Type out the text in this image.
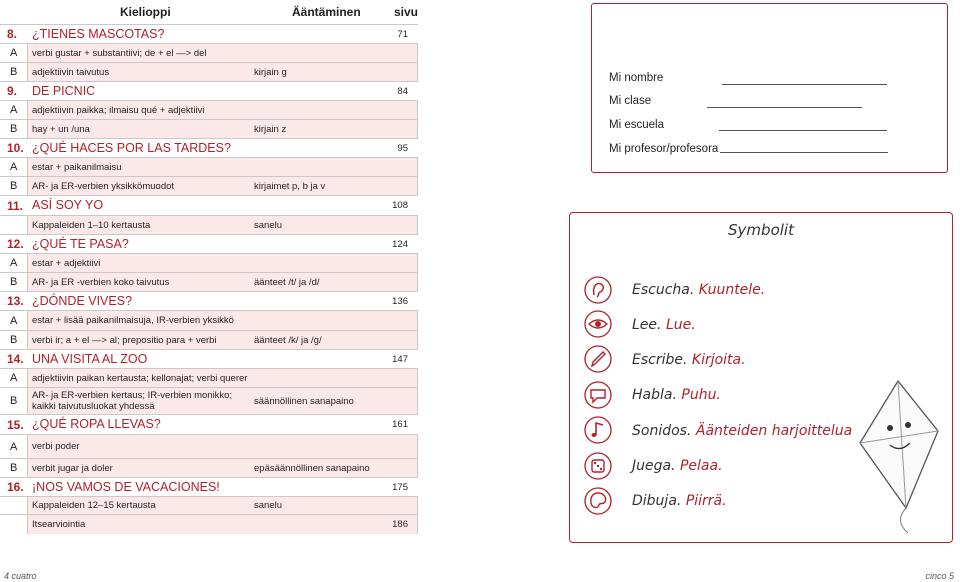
Kielioppi	Ääntäminen	sivu
8.	¿TIENES MASCOTAS?	71
A	verbi gustar + substantiivi; de + el —> del
B	adjektiivin taivutus	kirjain g
9.	DE PICNIC	84
A	adjektiivin paikka; ilmaisu qué + adjektiivi
B	hay + un /una	kirjain z
10. ¿QUÉ HACES POR LAS TARDES?	95
A	estar + paikanilmaisu
B	AR- ja ER-verbien yksikkömuodot	kirjaimet p, b ja v
11. ASÍ SOY YO	108
Kappaleiden 1–10 kertausta	sanelu
12. ¿QUÉ TE PASA?	124
A	estar + adjektiivi
B	AR- ja ER -verbien koko taivutus	äänteet /t/ ja /d/
13. ¿DÓNDE VIVES?	136
A	estar + lisää paikanilmaisuja, IR-verbien yksikkö
B	verbi ir; a + el —> al; prepositio para + verbi	äänteet /k/ ja /g/
14. UNA VISITA AL ZOO	147
A	adjektiivin paikan kertausta; kellonajat; verbi querer
B	AR- ja ER-verbien kertaus; IR-verbien monikko;
kaikki taivutusluokat yhdessä	säännöllinen sanapaino
15. ¿QUÉ ROPA LLEVAS?	161
A	verbi poder
B	verbit jugar ja doler	epäsäännöllinen sanapaino
16. ¡NOS VAMOS DE VACACIONES!	175
Kappaleiden 12–15 kertausta	sanelu
Itsearviointia	186
Mi nombre
Mi clase
Mi escuela
Mi profesor/profesora
Symbolit
Escucha. Kuuntele.
Lee. Lue.
Escribe. Kirjoita.
Habla. Puhu.
Sonidos. Äänteiden harjoittelua
Juega. Pelaa.
Dibuja. Piirrä.
4 cuatro	cinco 5
